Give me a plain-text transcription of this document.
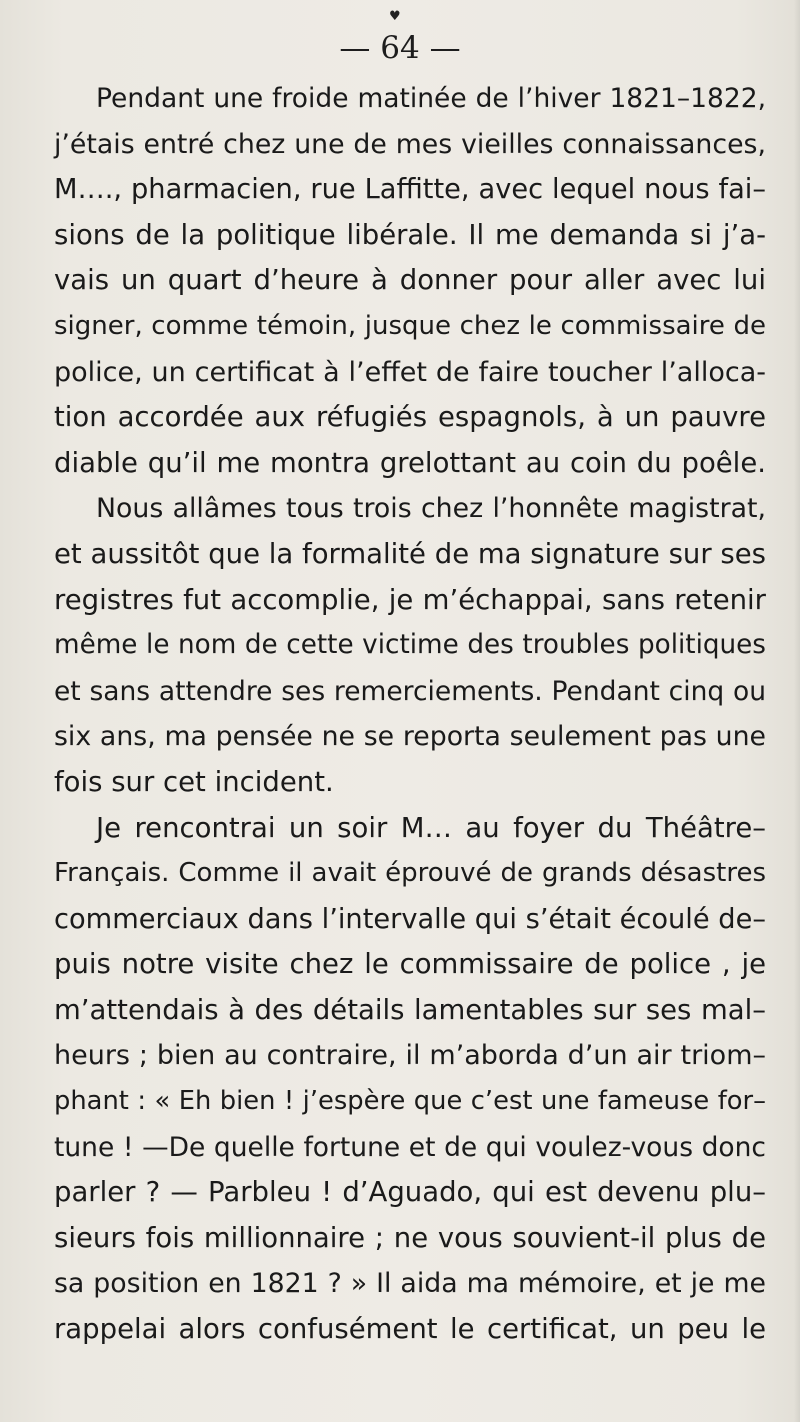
♥
— 64 —
Pendant une froide matinée de l’hiver 1821–1822,
j’étais entré chez une de mes vieilles connaissances,
M…., pharmacien, rue Laffitte, avec lequel nous fai–
sions de la politique libérale. Il me demanda si j’a-
vais un quart d’heure à donner pour aller avec lui
signer, comme témoin, jusque chez le commissaire de
police, un certificat à l’effet de faire toucher l’alloca-
tion accordée aux réfugiés espagnols, à un pauvre
diable qu’il me montra grelottant au coin du poêle.
Nous allâmes tous trois chez l’honnête magistrat,
et aussitôt que la formalité de ma signature sur ses
registres fut accomplie, je m’échappai, sans retenir
même le nom de cette victime des troubles politiques
et sans attendre ses remerciements. Pendant cinq ou
six ans, ma pensée ne se reporta seulement pas une
fois sur cet incident.
Je rencontrai un soir M… au foyer du Théâtre–
Français. Comme il avait éprouvé de grands désastres
commerciaux dans l’intervalle qui s’était écoulé de–
puis notre visite chez le commissaire de police , je
m’attendais à des détails lamentables sur ses mal–
heurs ; bien au contraire, il m’aborda d’un air triom–
phant : « Eh bien ! j’espère que c’est une fameuse for–
tune ! —De quelle fortune et de qui voulez-vous donc
parler ? — Parbleu ! d’Aguado, qui est devenu plu–
sieurs fois millionnaire ; ne vous souvient-il plus de
sa position en 1821 ? » Il aida ma mémoire, et je me
rappelai alors confusément le certificat, un peu le
